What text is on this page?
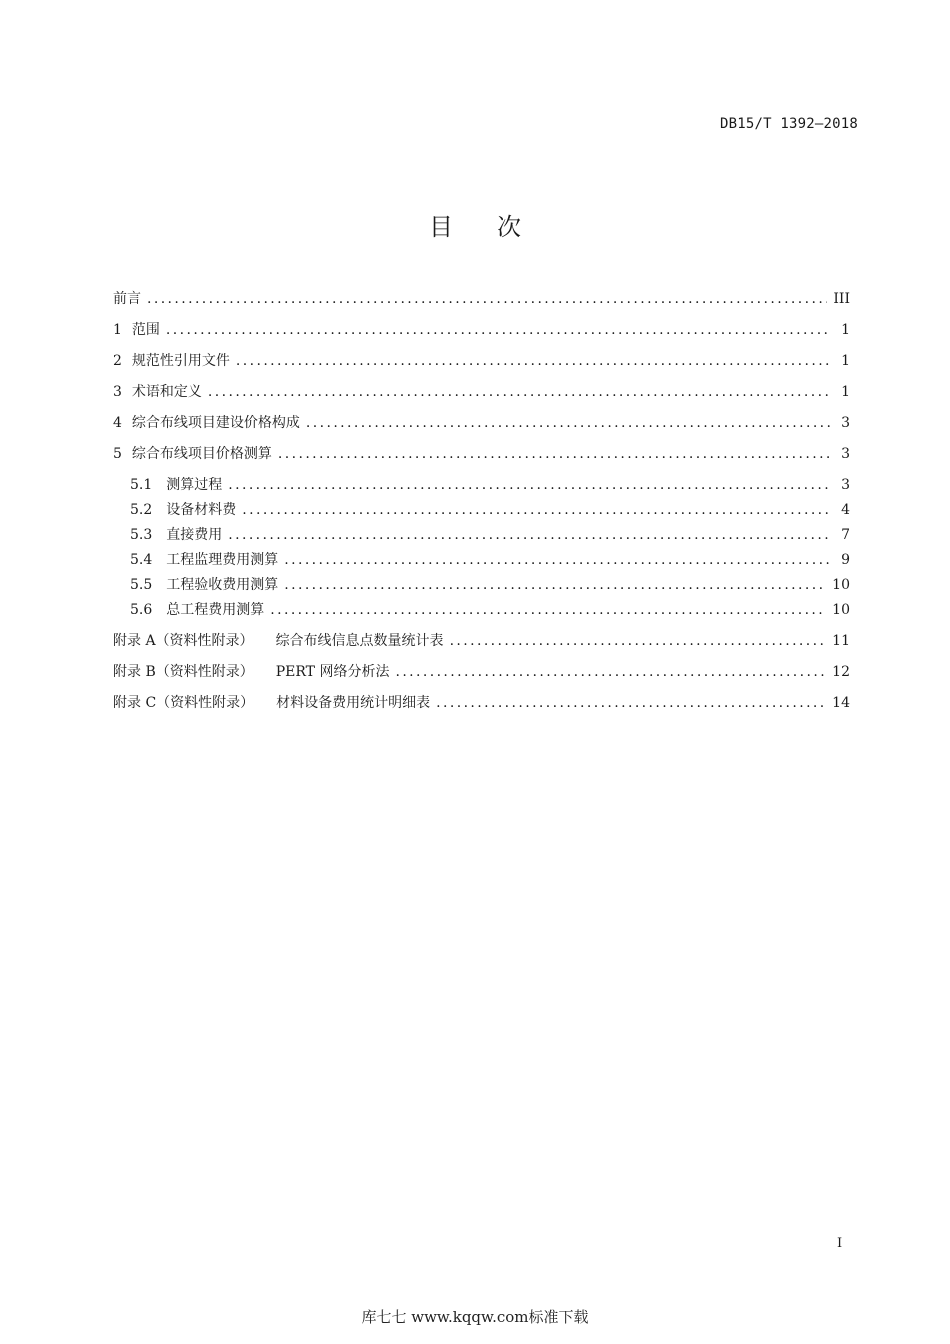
DB15/T 1392—2018
目 次
前言 .....	III
1 范围 .....	1
2 规范性引用文件 .....	1
3 术语和定义 .....	1
4 综合布线项目建设价格构成 .....	3
5 综合布线项目价格测算 .....	3
5.1 测算过程 .....	3
5.2 设备材料费 .....	4
5.3 直接费用 .....	7
5.4 工程监理费用测算 .....	9
5.5 工程验收费用测算 .....	10
5.6 总工程费用测算 .....	10
附录 A（资料性附录） 综合布线信息点数量统计表 .....	11
附录 B（资料性附录） PERT 网络分析法 .....	12
附录 C（资料性附录） 材料设备费用统计明细表 .....	14
I
库七七 www.kqqw.com标准下载
